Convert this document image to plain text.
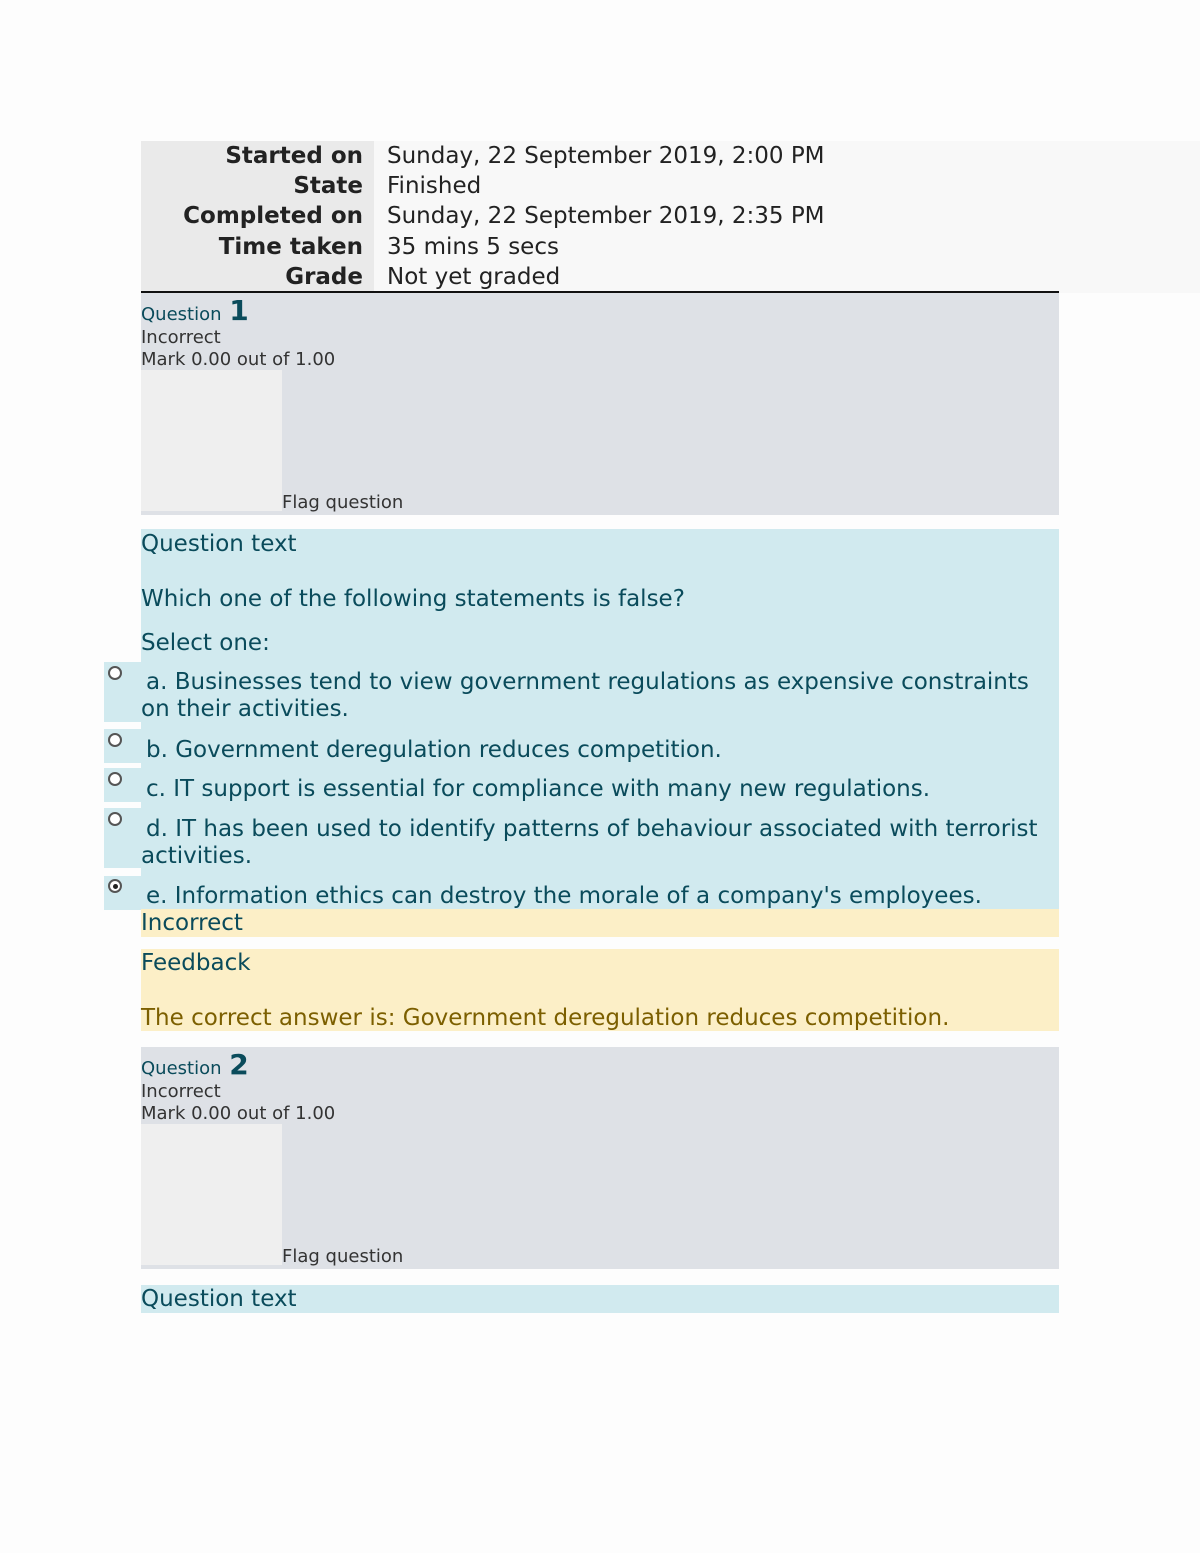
Started on Sunday, 22 September 2019, 2:00 PM
State Finished
Completed on Sunday, 22 September 2019, 2:35 PM
Time taken 35 mins 5 secs
Grade Not yet graded
Question 1
Incorrect
Mark 0.00 out of 1.00
Flag question
Question text
Which one of the following statements is false?
Select one:
a. Businesses tend to view government regulations as expensive constraints
on their activities.
b. Government deregulation reduces competition.
c. IT support is essential for compliance with many new regulations.
d. IT has been used to identify patterns of behaviour associated with terrorist
activities.
e. Information ethics can destroy the morale of a company's employees.
Incorrect
Feedback
The correct answer is: Government deregulation reduces competition.
Question 2
Incorrect
Mark 0.00 out of 1.00
Flag question
Question text
